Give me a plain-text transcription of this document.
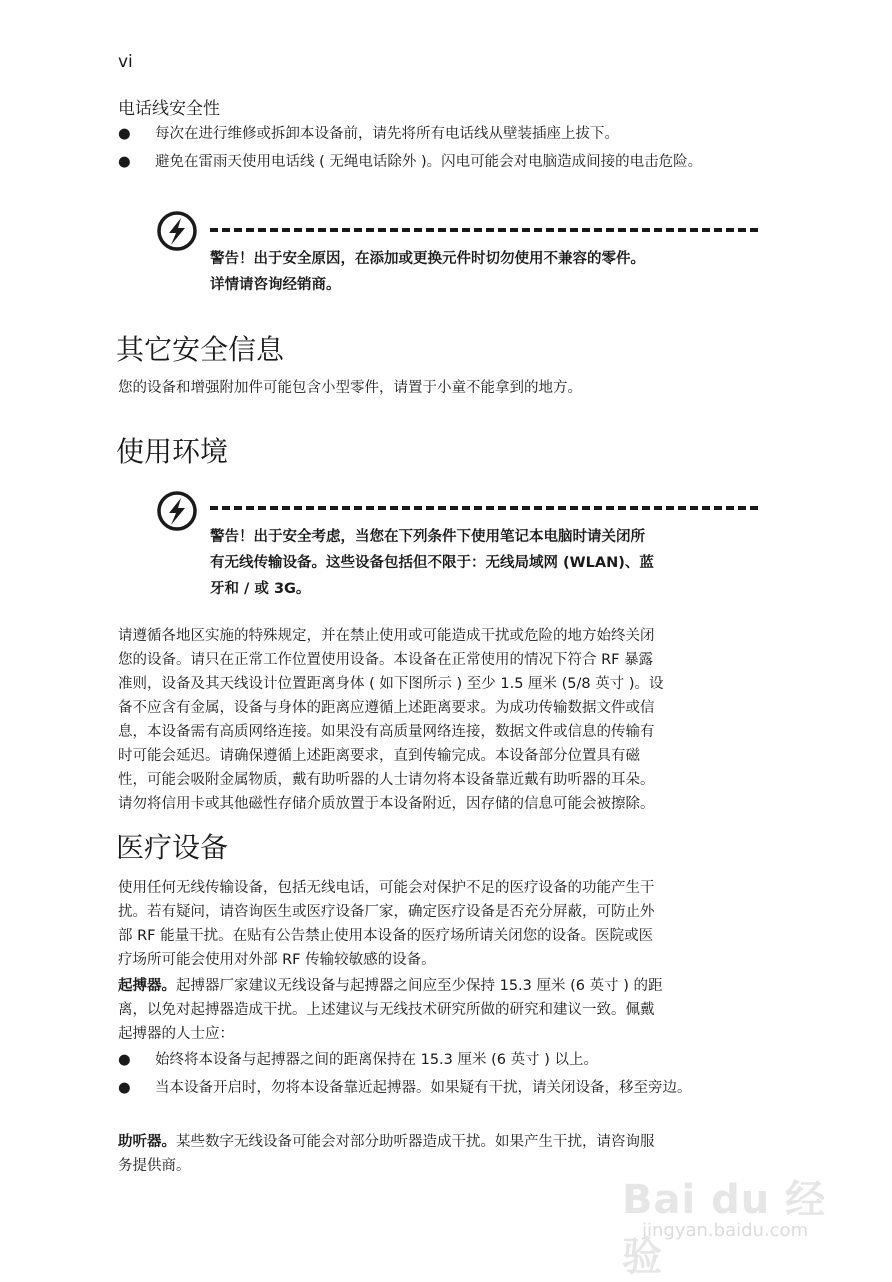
vi
电话线安全性
●	每次在进行维修或拆卸本设备前，请先将所有电话线从壁装插座上拔下。
●	避免在雷雨天使用电话线 ( 无绳电话除外 )。闪电可能会对电脑造成间接的电击危险。
警告！出于安全原因，在添加或更换元件时切勿使用不兼容的零件。
详情请咨询经销商。
其它安全信息

您的设备和增强附加件可能包含小型零件，请置于小童不能拿到的地方。

使用环境
警告！出于安全考虑，当您在下列条件下使用笔记本电脑时请关闭所
有无线传输设备。这些设备包括但不限于：无线局域网 (WLAN)、蓝
牙和 / 或 3G。
请遵循各地区实施的特殊规定，并在禁止使用或可能造成干扰或危险的地方始终关闭
您的设备。请只在正常工作位置使用设备。本设备在正常使用的情况下符合 RF 暴露
准则，设备及其天线设计位置距离身体 ( 如下图所示 ) 至少 1.5 厘米 (5/8 英寸 )。设
备不应含有金属，设备与身体的距离应遵循上述距离要求。为成功传输数据文件或信
息，本设备需有高质网络连接。如果没有高质量网络连接，数据文件或信息的传输有
时可能会延迟。请确保遵循上述距离要求，直到传输完成。本设备部分位置具有磁
性，可能会吸附金属物质，戴有助听器的人士请勿将本设备靠近戴有助听器的耳朵。
请勿将信用卡或其他磁性存储介质放置于本设备附近，因存储的信息可能会被擦除。
医疗设备
使用任何无线传输设备，包括无线电话，可能会对保护不足的医疗设备的功能产生干
扰。若有疑问，请咨询医生或医疗设备厂家，确定医疗设备是否充分屏蔽，可防止外
部 RF 能量干扰。在贴有公告禁止使用本设备的医疗场所请关闭您的设备。医院或医
疗场所可能会使用对外部 RF 传输较敏感的设备。
起搏器。起搏器厂家建议无线设备与起搏器之间应至少保持 15.3 厘米 (6 英寸 ) 的距
离，以免对起搏器造成干扰。上述建议与无线技术研究所做的研究和建议一致。佩戴
起搏器的人士应：
●	始终将本设备与起搏器之间的距离保持在 15.3 厘米 (6 英寸 ) 以上。
●	当本设备开启时，勿将本设备靠近起搏器。如果疑有干扰，请关闭设备，移至旁边。
助听器。某些数字无线设备可能会对部分助听器造成干扰。如果产生干扰，请咨询服
务提供商。
Bai du 经验
jingyan.baidu.com
